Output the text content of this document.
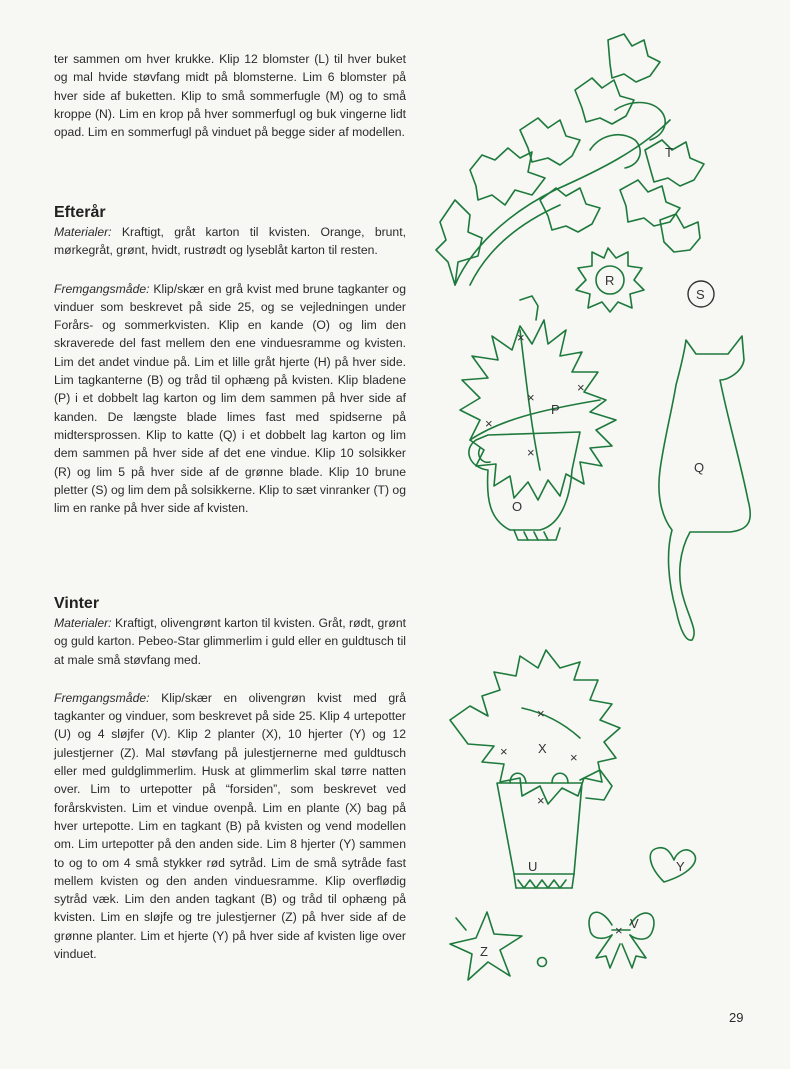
ter sammen om hver krukke. Klip 12 blomster (L) til hver buket og mal hvide støvfang midt på blomsterne. Lim 6 blomster på hver side af buketten. Klip to små sommerfugle (M) og to små kroppe (N). Lim en krop på hver sommerfugl og buk vingerne lidt opad. Lim en sommerfugl på vinduet på begge sider af modellen.

Efterår

Materialer: Kraftigt, gråt karton til kvisten. Orange, brunt, mørkegråt, grønt, hvidt, rustrødt og lyseblåt karton til resten.

Fremgangsmåde: Klip/skær en grå kvist med brune tagkanter og vinduer som beskrevet på side 25, og se vejledningen under Forårs- og sommerkvisten. Klip en kande (O) og lim den skraverede del fast mellem den ene vinduesramme og kvisten. Lim det andet vindue på. Lim et lille gråt hjerte (H) på hver side. Lim tagkanterne (B) og tråd til ophæng på kvisten. Klip bladene (P) i et dobbelt lag karton og lim dem sammen på hver side af kanden. De længste blade limes fast med spidserne på midtersprossen. Klip to katte (Q) i et dobbelt lag karton og lim dem sammen på hver side af det ene vindue. Klip 10 solsikker (R) og lim 5 på hver side af de grønne blade. Klip 10 brune pletter (S) og lim dem på solsikkerne. Klip to sæt vinranker (T) og lim en ranke på hver side af kvisten.

Vinter

Materialer: Kraftigt, olivengrønt karton til kvisten. Gråt, rødt, grønt og guld karton. Pebeo-Star glimmerlim i guld eller en guldtusch til at male små støvfang med.

Fremgangsmåde: Klip/skær en olivengrøn kvist med grå tagkanter og vinduer, som beskrevet på side 25. Klip 4 urtepotter (U) og 4 sløjfer (V). Klip 2 planter (X), 10 hjerter (Y) og 12 julestjerner (Z). Mal støvfang på julestjernerne med guldtusch eller med guldglimmerlim. Husk at glimmerlim skal tørre natten over. Lim to urtepotter på “forsiden”, som beskrevet ved forårskvisten. Lim et vindue ovenpå. Lim en plante (X) bag på hver urtepotte. Lim en tagkant (B) på kvisten og vend modellen om. Lim urtepotter på den anden side. Lim 8 hjerter (Y) sammen to og to om 4 små stykker rød sytråd. Lim de små sytråde fast mellem kvisten og den anden vinduesramme. Klip overflødig sytråd væk. Lim den anden tagkant (B) og tråd til ophæng på kvisten. Lim en sløjfe og tre julestjerner (Z) på hver side af de grønne planter. Lim et hjerte (Y) på hver side af kvisten lige over vinduet.

T
R
S
×
×
×
×
P
×
O
Q
×
×	×
×
X
U	Y
Z
× V
29
